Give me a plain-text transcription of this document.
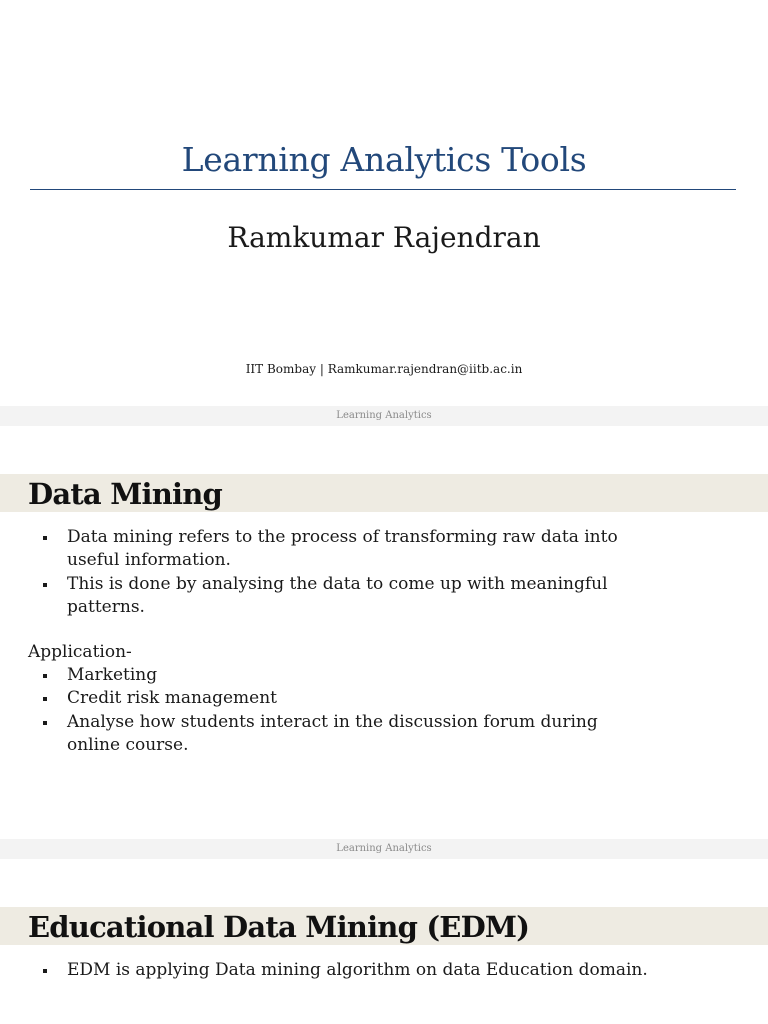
Learning Analytics Tools
Ramkumar Rajendran
IIT Bombay | Ramkumar.rajendran@iitb.ac.in
Learning Analytics
Data Mining
Data mining refers to the process of transforming raw data into useful information.
This is done by analysing the data to come up with meaningful patterns.
Application-
Marketing
Credit risk management
Analyse how students interact in the discussion forum during online course.
Learning Analytics
Educational Data Mining (EDM)
EDM is applying Data mining algorithm on data Education domain.
